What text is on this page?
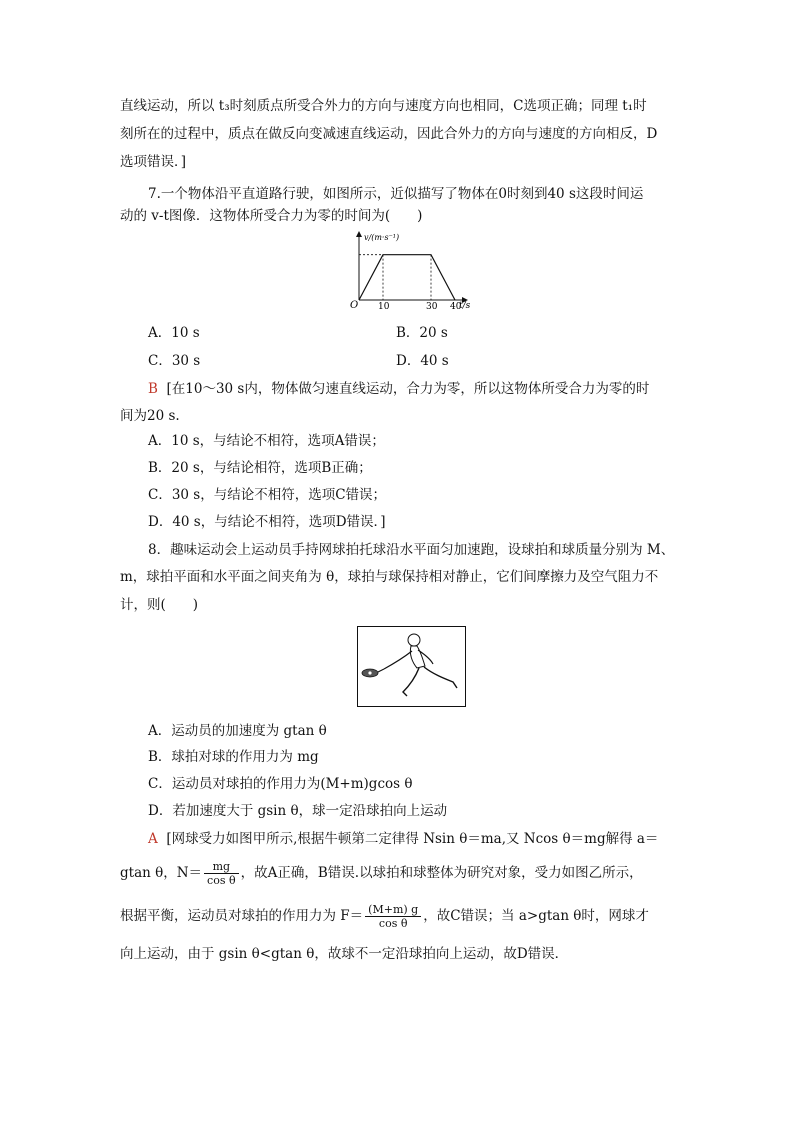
直线运动，所以 t₃时刻质点所受合外力的方向与速度方向也相同，C选项正确；同理 t₁时
刻所在的过程中，质点在做反向变减速直线运动，因此合外力的方向与速度的方向相反，D
选项错误．]
7.一个物体沿平直道路行驶，如图所示，近似描写了物体在0时刻到40 s这段时间运
动的 v-t图像．这物体所受合力为零的时间为(　　)
v/(m·s⁻¹)
t/s
O 10	30 40
A．10 s	B．20 s
C．30 s	D．40 s
B [在10～30 s内，物体做匀速直线运动，合力为零，所以这物体所受合力为零的时
间为20 s.
A．10 s，与结论不相符，选项A错误；
B．20 s，与结论相符，选项B正确；
C．30 s，与结论不相符，选项C错误；
D．40 s，与结论不相符，选项D错误．]
8．趣味运动会上运动员手持网球拍托球沿水平面匀加速跑，设球拍和球质量分别为 M、
m，球拍平面和水平面之间夹角为 θ，球拍与球保持相对静止，它们间摩擦力及空气阻力不
计，则(　　)
A．运动员的加速度为 gtan θ
B．球拍对球的作用力为 mg
C．运动员对球拍的作用力为(M+m)gcos θ
D．若加速度大于 gsin θ，球一定沿球拍向上运动
A [网球受力如图甲所示,根据牛顿第二定律得 Nsin θ＝ma,又 Ncos θ＝mg解得 a＝
gtan θ，$N= \frac{mg}{\text{cos θ}}$ ，故A正确，B错误.以球拍和球整体为研究对象，受力如图乙所示，
根据平衡，运动员对球拍的作用力为 $F= \frac{(M+m) g}{\text{cos θ}}$ ，故C错误；当 a>gtan θ时，网球才
向上运动，由于 gsin θ<gtan θ，故球不一定沿球拍向上运动，故D错误．
